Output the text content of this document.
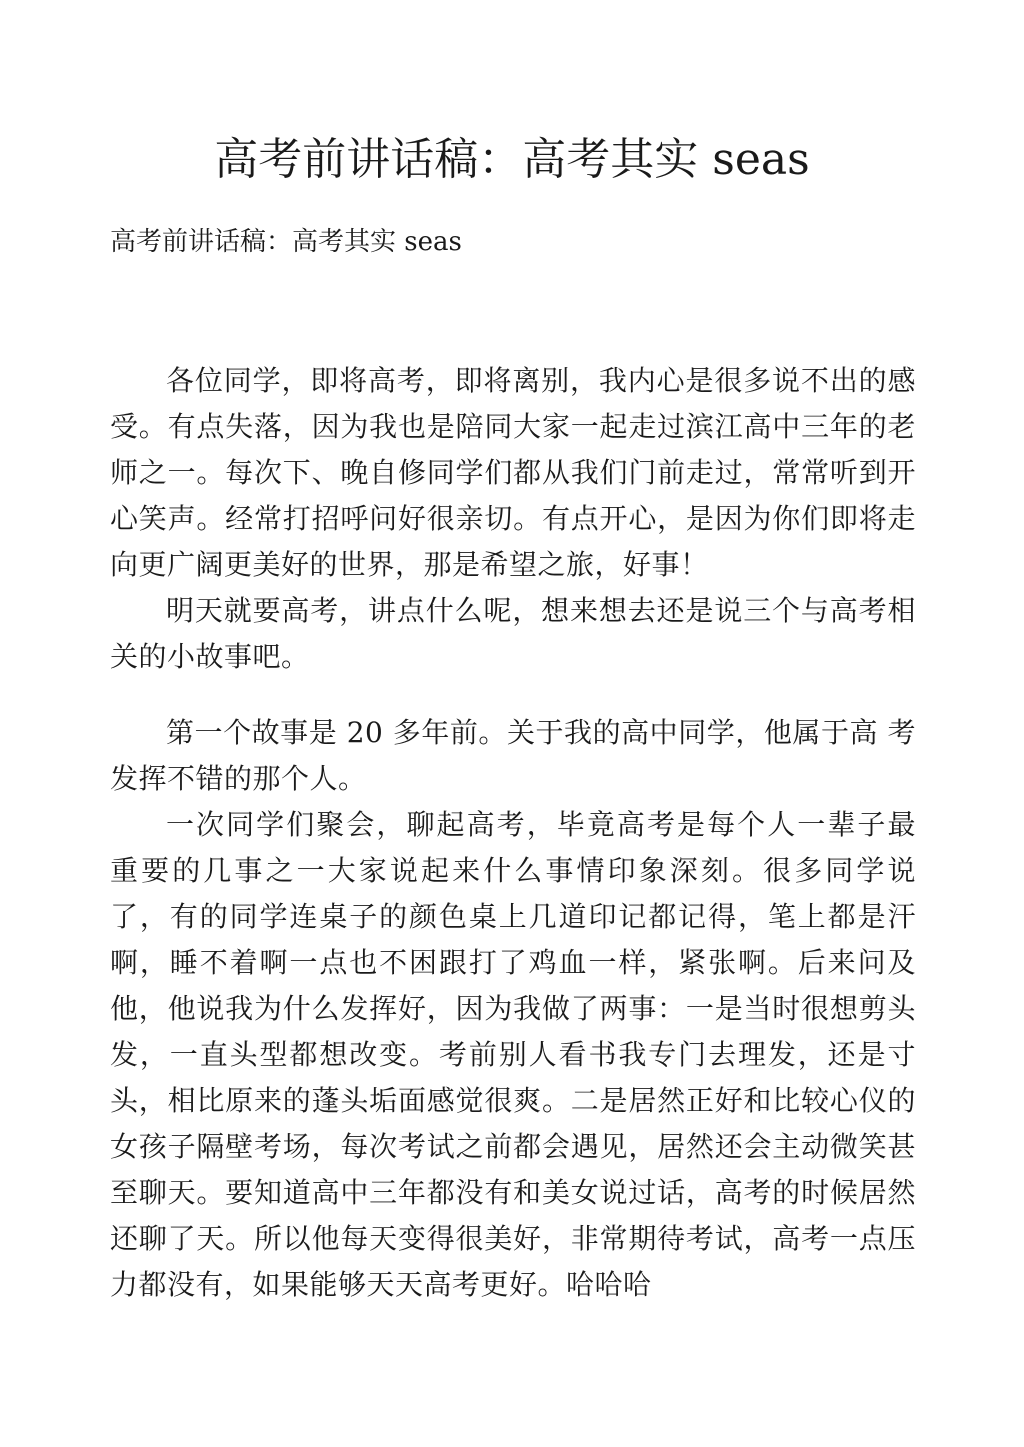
高考前讲话稿：高考其实 seas
高考前讲话稿：高考其实 seas

各位同学，即将高考，即将离别，我内心是很多说不出的感受。有点失落，因为我也是陪同大家一起走过滨江高中三年的老师之一。每次下、晚自修同学们都从我们门前走过，常常听到开心笑声。经常打招呼问好很亲切。有点开心，是因为你们即将走向更广阔更美好的世界，那是希望之旅，好事！

明天就要高考，讲点什么呢，想来想去还是说三个与高考相关的小故事吧。

第一个故事是 20 多年前。关于我的高中同学，他属于高 考发挥不错的那个人。

一次同学们聚会，聊起高考，毕竟高考是每个人一辈子最 重要的几事之一大家说起来什么事情印象深刻。很多同学说 了，有的同学连桌子的颜色桌上几道印记都记得，笔上都是汗啊，睡不着啊一点也不困跟打了鸡血一样，紧张啊。后来问及他，他说我为什么发挥好，因为我做了两事：一是当时很想剪头发，一直头型都想改变。考前别人看书我专门去理发，还是寸头，相比原来的蓬头垢面感觉很爽。二是居然正好和比较心仪的女孩子隔壁考场，每次考试之前都会遇见，居然还会主动微笑甚至聊天。要知道高中三年都没有和美女说过话，高考的时候居然还聊了天。所以他每天变得很美好，非常期待考试，高考一点压力都没有，如果能够天天高考更好。哈哈哈
